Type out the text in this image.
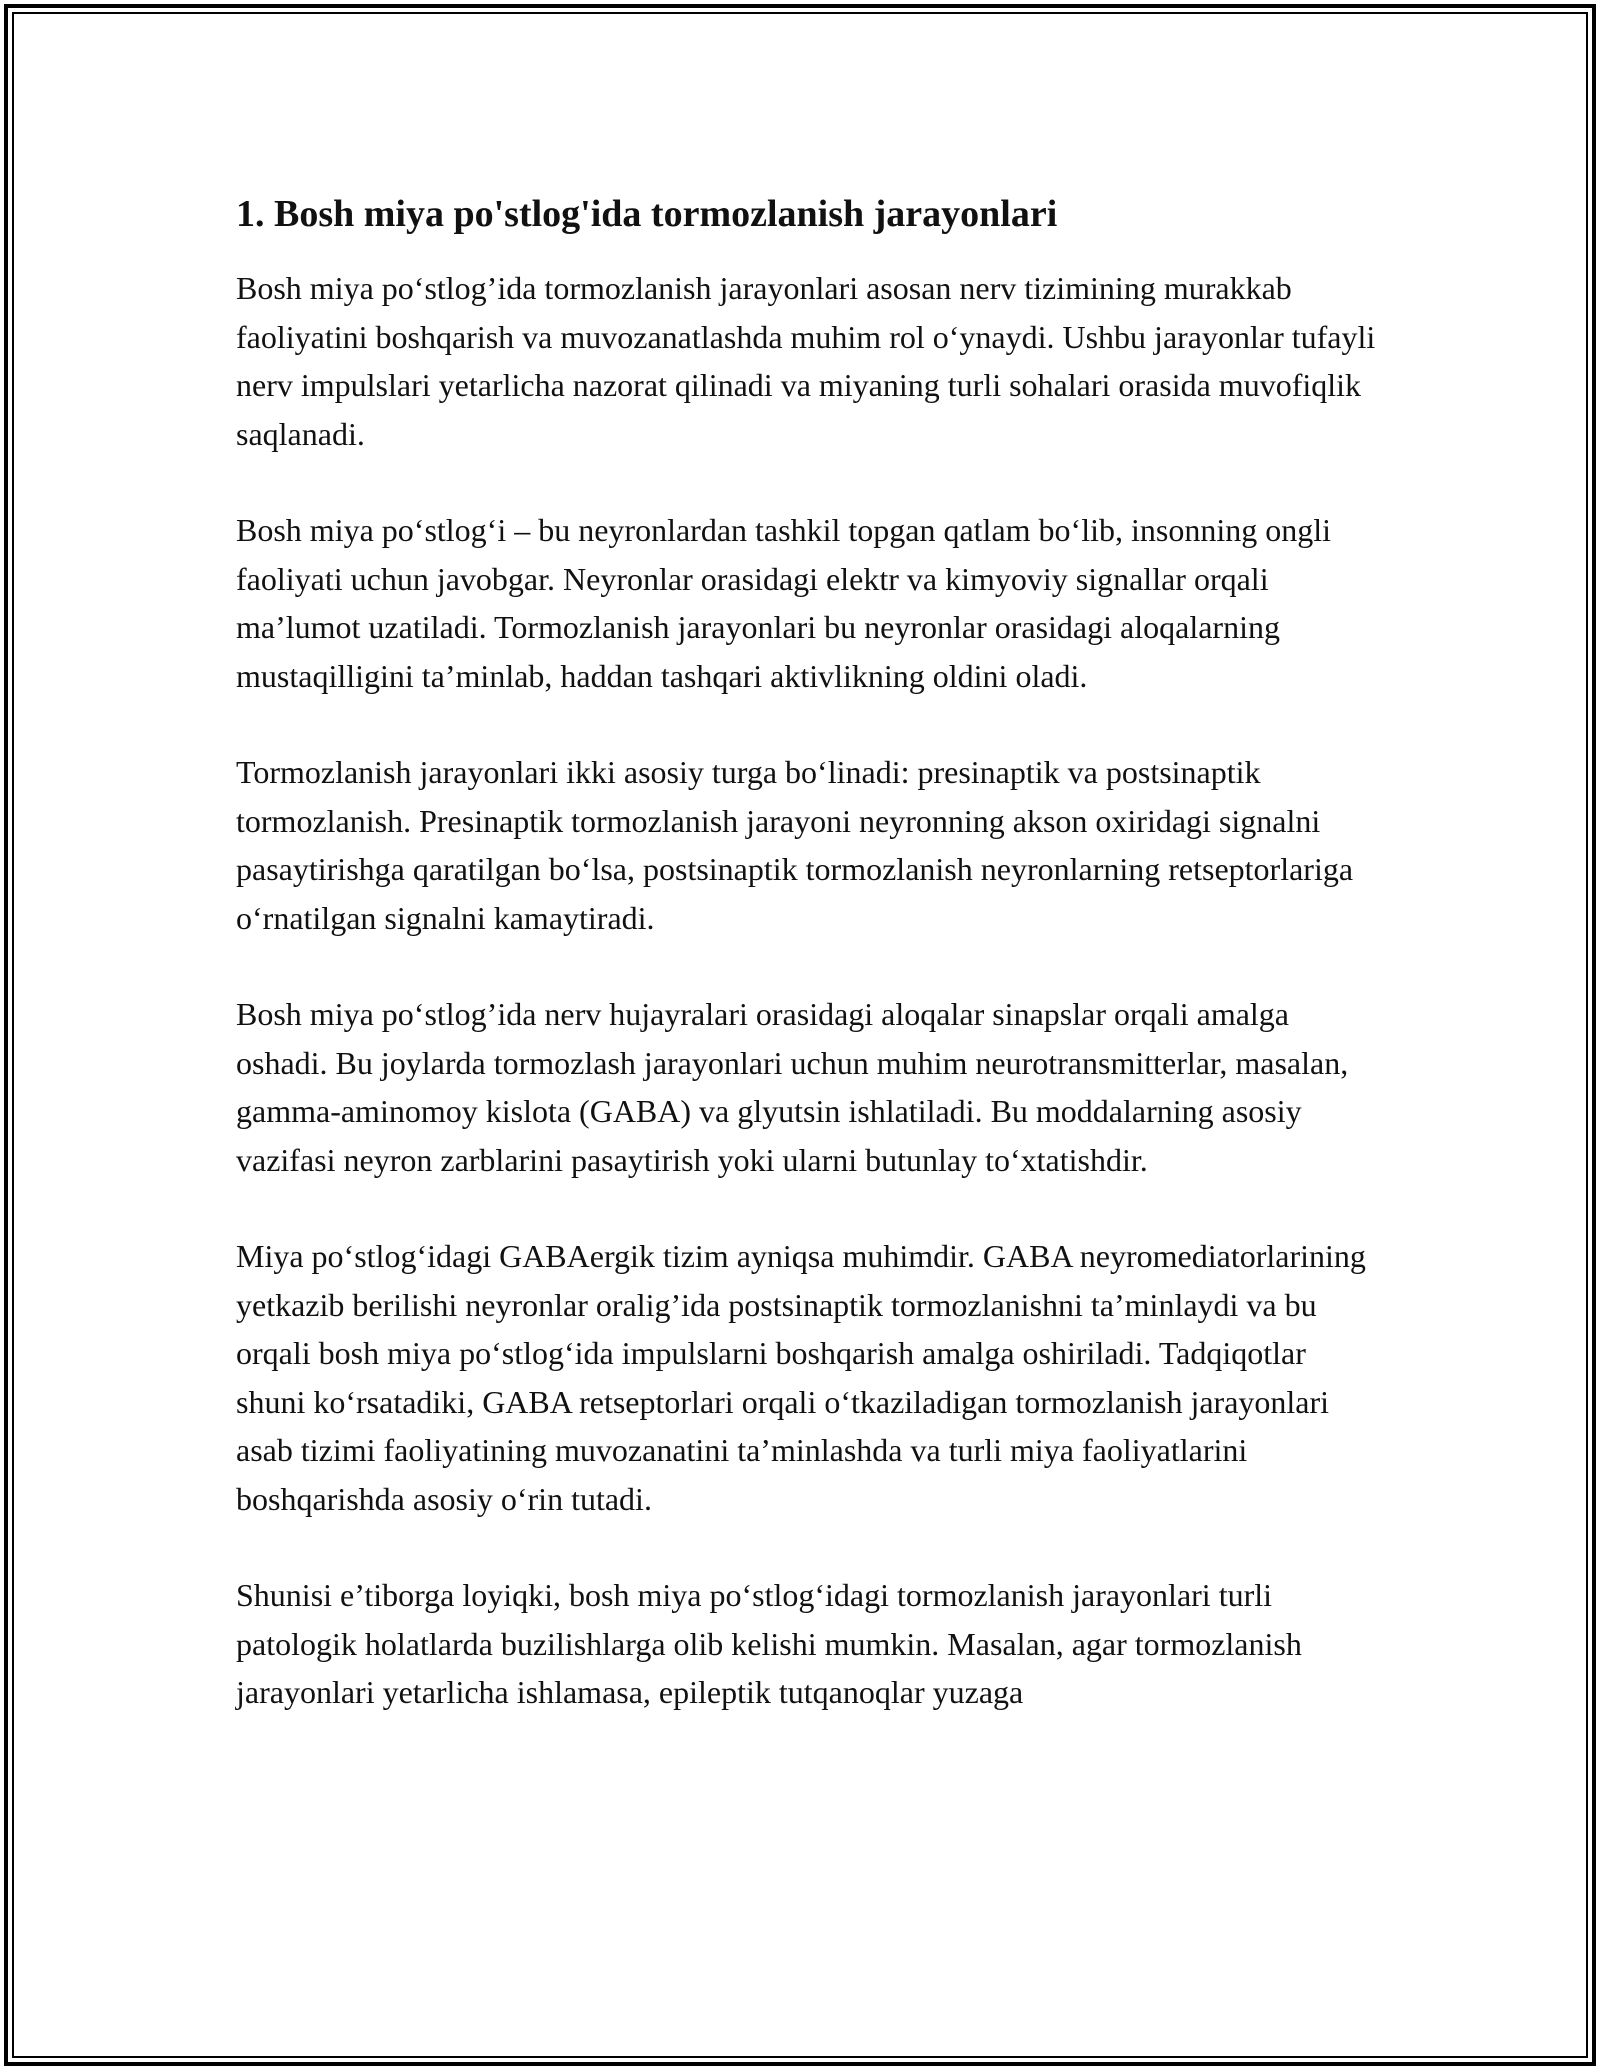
1. Bosh miya po'stlog'ida tormozlanish jarayonlari

Bosh miya po‘stlog’ida tormozlanish jarayonlari asosan nerv tizimining murakkab faoliyatini boshqarish va muvozanatlashda muhim rol o‘ynaydi. Ushbu jarayonlar tufayli nerv impulslari yetarlicha nazorat qilinadi va miyaning turli sohalari orasida muvofiqlik saqlanadi.

Bosh miya po‘stlog‘i – bu neyronlardan tashkil topgan qatlam bo‘lib, insonning ongli faoliyati uchun javobgar. Neyronlar orasidagi elektr va kimyoviy signallar orqali ma’lumot uzatiladi. Tormozlanish jarayonlari bu neyronlar orasidagi aloqalarning mustaqilligini ta’minlab, haddan tashqari aktivlikning oldini oladi.

Tormozlanish jarayonlari ikki asosiy turga bo‘linadi: presinaptik va postsinaptik tormozlanish. Presinaptik tormozlanish jarayoni neyronning akson oxiridagi signalni pasaytirishga qaratilgan bo‘lsa, postsinaptik tormozlanish neyronlarning retseptorlariga o‘rnatilgan signalni kamaytiradi.

Bosh miya po‘stlog’ida nerv hujayralari orasidagi aloqalar sinapslar orqali amalga oshadi. Bu joylarda tormozlash jarayonlari uchun muhim neurotransmitterlar, masalan, gamma-aminomoy kislota (GABA) va glyutsin ishlatiladi. Bu moddalarning asosiy vazifasi neyron zarblarini pasaytirish yoki ularni butunlay to‘xtatishdir.

Miya po‘stlog‘idagi GABAergik tizim ayniqsa muhimdir. GABA neyromediatorlarining yetkazib berilishi neyronlar oralig’ida postsinaptik tormozlanishni ta’minlaydi va bu orqali bosh miya po‘stlog‘ida impulslarni boshqarish amalga oshiriladi. Tadqiqotlar shuni ko‘rsatadiki, GABA retseptorlari orqali o‘tkaziladigan tormozlanish jarayonlari asab tizimi faoliyatining muvozanatini ta’minlashda va turli miya faoliyatlarini boshqarishda asosiy o‘rin tutadi.

Shunisi e’tiborga loyiqki, bosh miya po‘stlog‘idagi tormozlanish jarayonlari turli patologik holatlarda buzilishlarga olib kelishi mumkin. Masalan, agar tormozlanish jarayonlari yetarlicha ishlamasa, epileptik tutqanoqlar yuzaga
